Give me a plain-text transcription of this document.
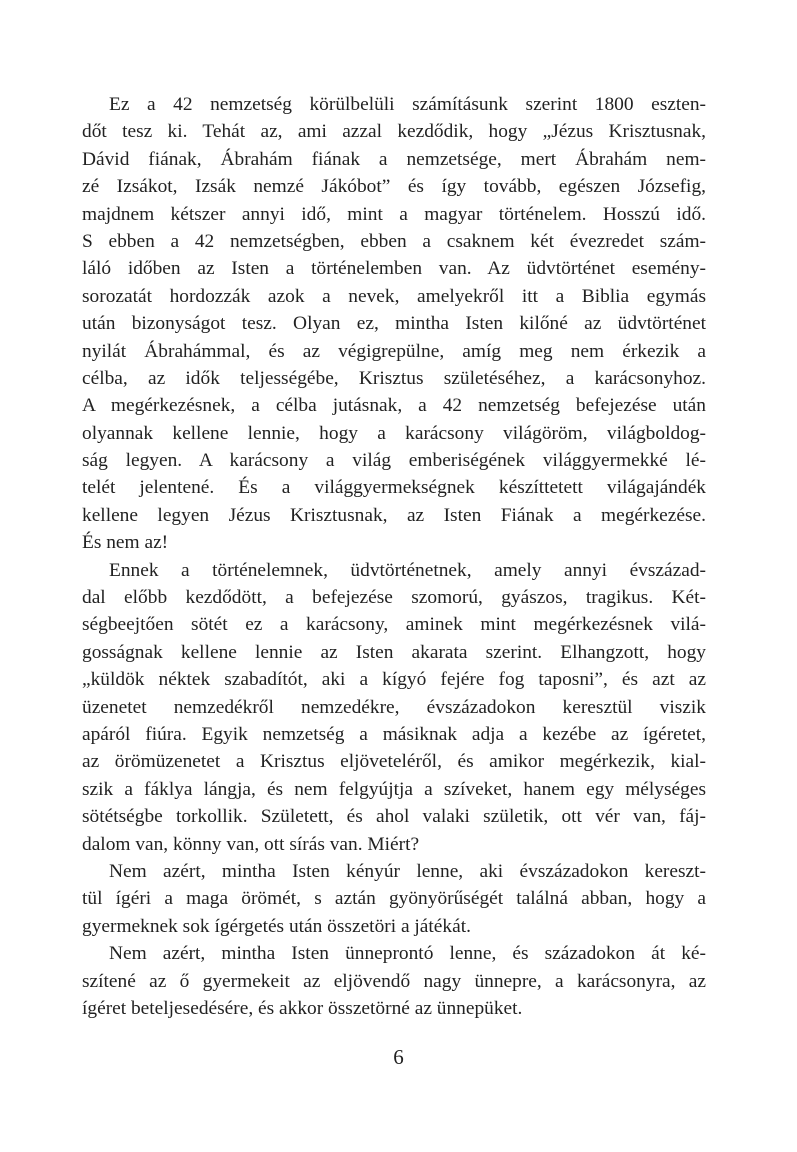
Ez a 42 nemzetség körülbelüli számításunk szerint 1800 eszten-
dőt tesz ki. Tehát az, ami azzal kezdődik, hogy „Jézus Krisztusnak,
Dávid fiának, Ábrahám fiának a nemzetsége, mert Ábrahám nem-
zé Izsákot, Izsák nemzé Jákóbot” és így tovább, egészen Józsefig,
majdnem kétszer annyi idő, mint a magyar történelem. Hosszú idő.
S ebben a 42 nemzetségben, ebben a csaknem két évezredet szám-
láló időben az Isten a történelemben van. Az üdvtörténet esemény-
sorozatát hordozzák azok a nevek, amelyekről itt a Biblia egymás
után bizonyságot tesz. Olyan ez, mintha Isten kilőné az üdvtörténet
nyilát Ábrahámmal, és az végigrepülne, amíg meg nem érkezik a
célba, az idők teljességébe, Krisztus születéséhez, a karácsonyhoz.
A megérkezésnek, a célba jutásnak, a 42 nemzetség befejezése után
olyannak kellene lennie, hogy a karácsony világöröm, világboldog-
ság legyen. A karácsony a világ emberiségének világgyermekké lé-
telét jelentené. És a világgyermekségnek készíttetett világajándék
kellene legyen Jézus Krisztusnak, az Isten Fiának a megérkezése.
És nem az!
Ennek a történelemnek, üdvtörténetnek, amely annyi évszázad-
dal előbb kezdődött, a befejezése szomorú, gyászos, tragikus. Két-
ségbeejtően sötét ez a karácsony, aminek mint megérkezésnek vilá-
gosságnak kellene lennie az Isten akarata szerint. Elhangzott, hogy
„küldök néktek szabadítót, aki a kígyó fejére fog taposni”, és azt az
üzenetet nemzedékről nemzedékre, évszázadokon keresztül viszik
apáról fiúra. Egyik nemzetség a másiknak adja a kezébe az ígéretet,
az örömüzenetet a Krisztus eljöveteléről, és amikor megérkezik, kial-
szik a fáklya lángja, és nem felgyújtja a szíveket, hanem egy mélységes
sötétségbe torkollik. Született, és ahol valaki születik, ott vér van, fáj-
dalom van, könny van, ott sírás van. Miért?
Nem azért, mintha Isten kényúr lenne, aki évszázadokon kereszt-
tül ígéri a maga örömét, s aztán gyönyörűségét találná abban, hogy a
gyermeknek sok ígérgetés után összetöri a játékát.
Nem azért, mintha Isten ünneprontó lenne, és századokon át ké-
szítené az ő gyermekeit az eljövendő nagy ünnepre, a karácsonyra, az
ígéret beteljesedésére, és akkor összetörné az ünnepüket.
6
